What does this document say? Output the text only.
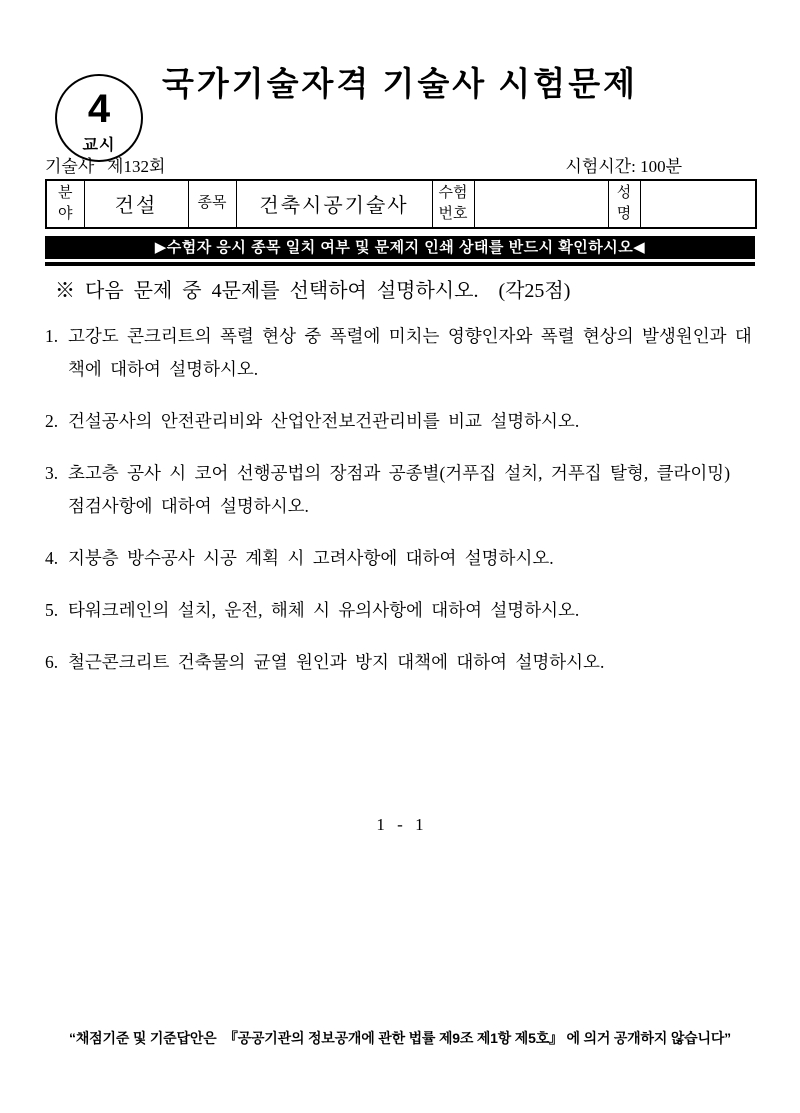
4
교시
국가기술자격 기술사 시험문제
기술사   제132회	시험시간: 100분
분야	건설	종목	건축시공기술사	수험번호		성명	
▶수험자 응시 종목 일치 여부 및 문제지 인쇄 상태를 반드시 확인하시오◀
※ 다음 문제 중 4문제를 선택하여 설명하시오.  (각25점)
1. 고강도 콘크리트의 폭렬 현상 중 폭렬에 미치는 영향인자와 폭렬 현상의 발생원인과 대책에 대하여 설명하시오.
2. 건설공사의 안전관리비와 산업안전보건관리비를 비교 설명하시오.
3. 초고층 공사 시 코어 선행공법의 장점과 공종별(거푸집 설치, 거푸집 탈형, 클라이밍) 점검사항에 대하여 설명하시오.
4. 지붕층 방수공사 시공 계획 시 고려사항에 대하여 설명하시오.
5. 타워크레인의 설치, 운전, 해체 시 유의사항에 대하여 설명하시오.
6. 철근콘크리트 건축물의 균열 원인과 방지 대책에 대하여 설명하시오.
1 - 1
“채점기준 및 기준답안은  『공공기관의 정보공개에 관한 법률 제9조 제1항 제5호』 에 의거 공개하지 않습니다”
